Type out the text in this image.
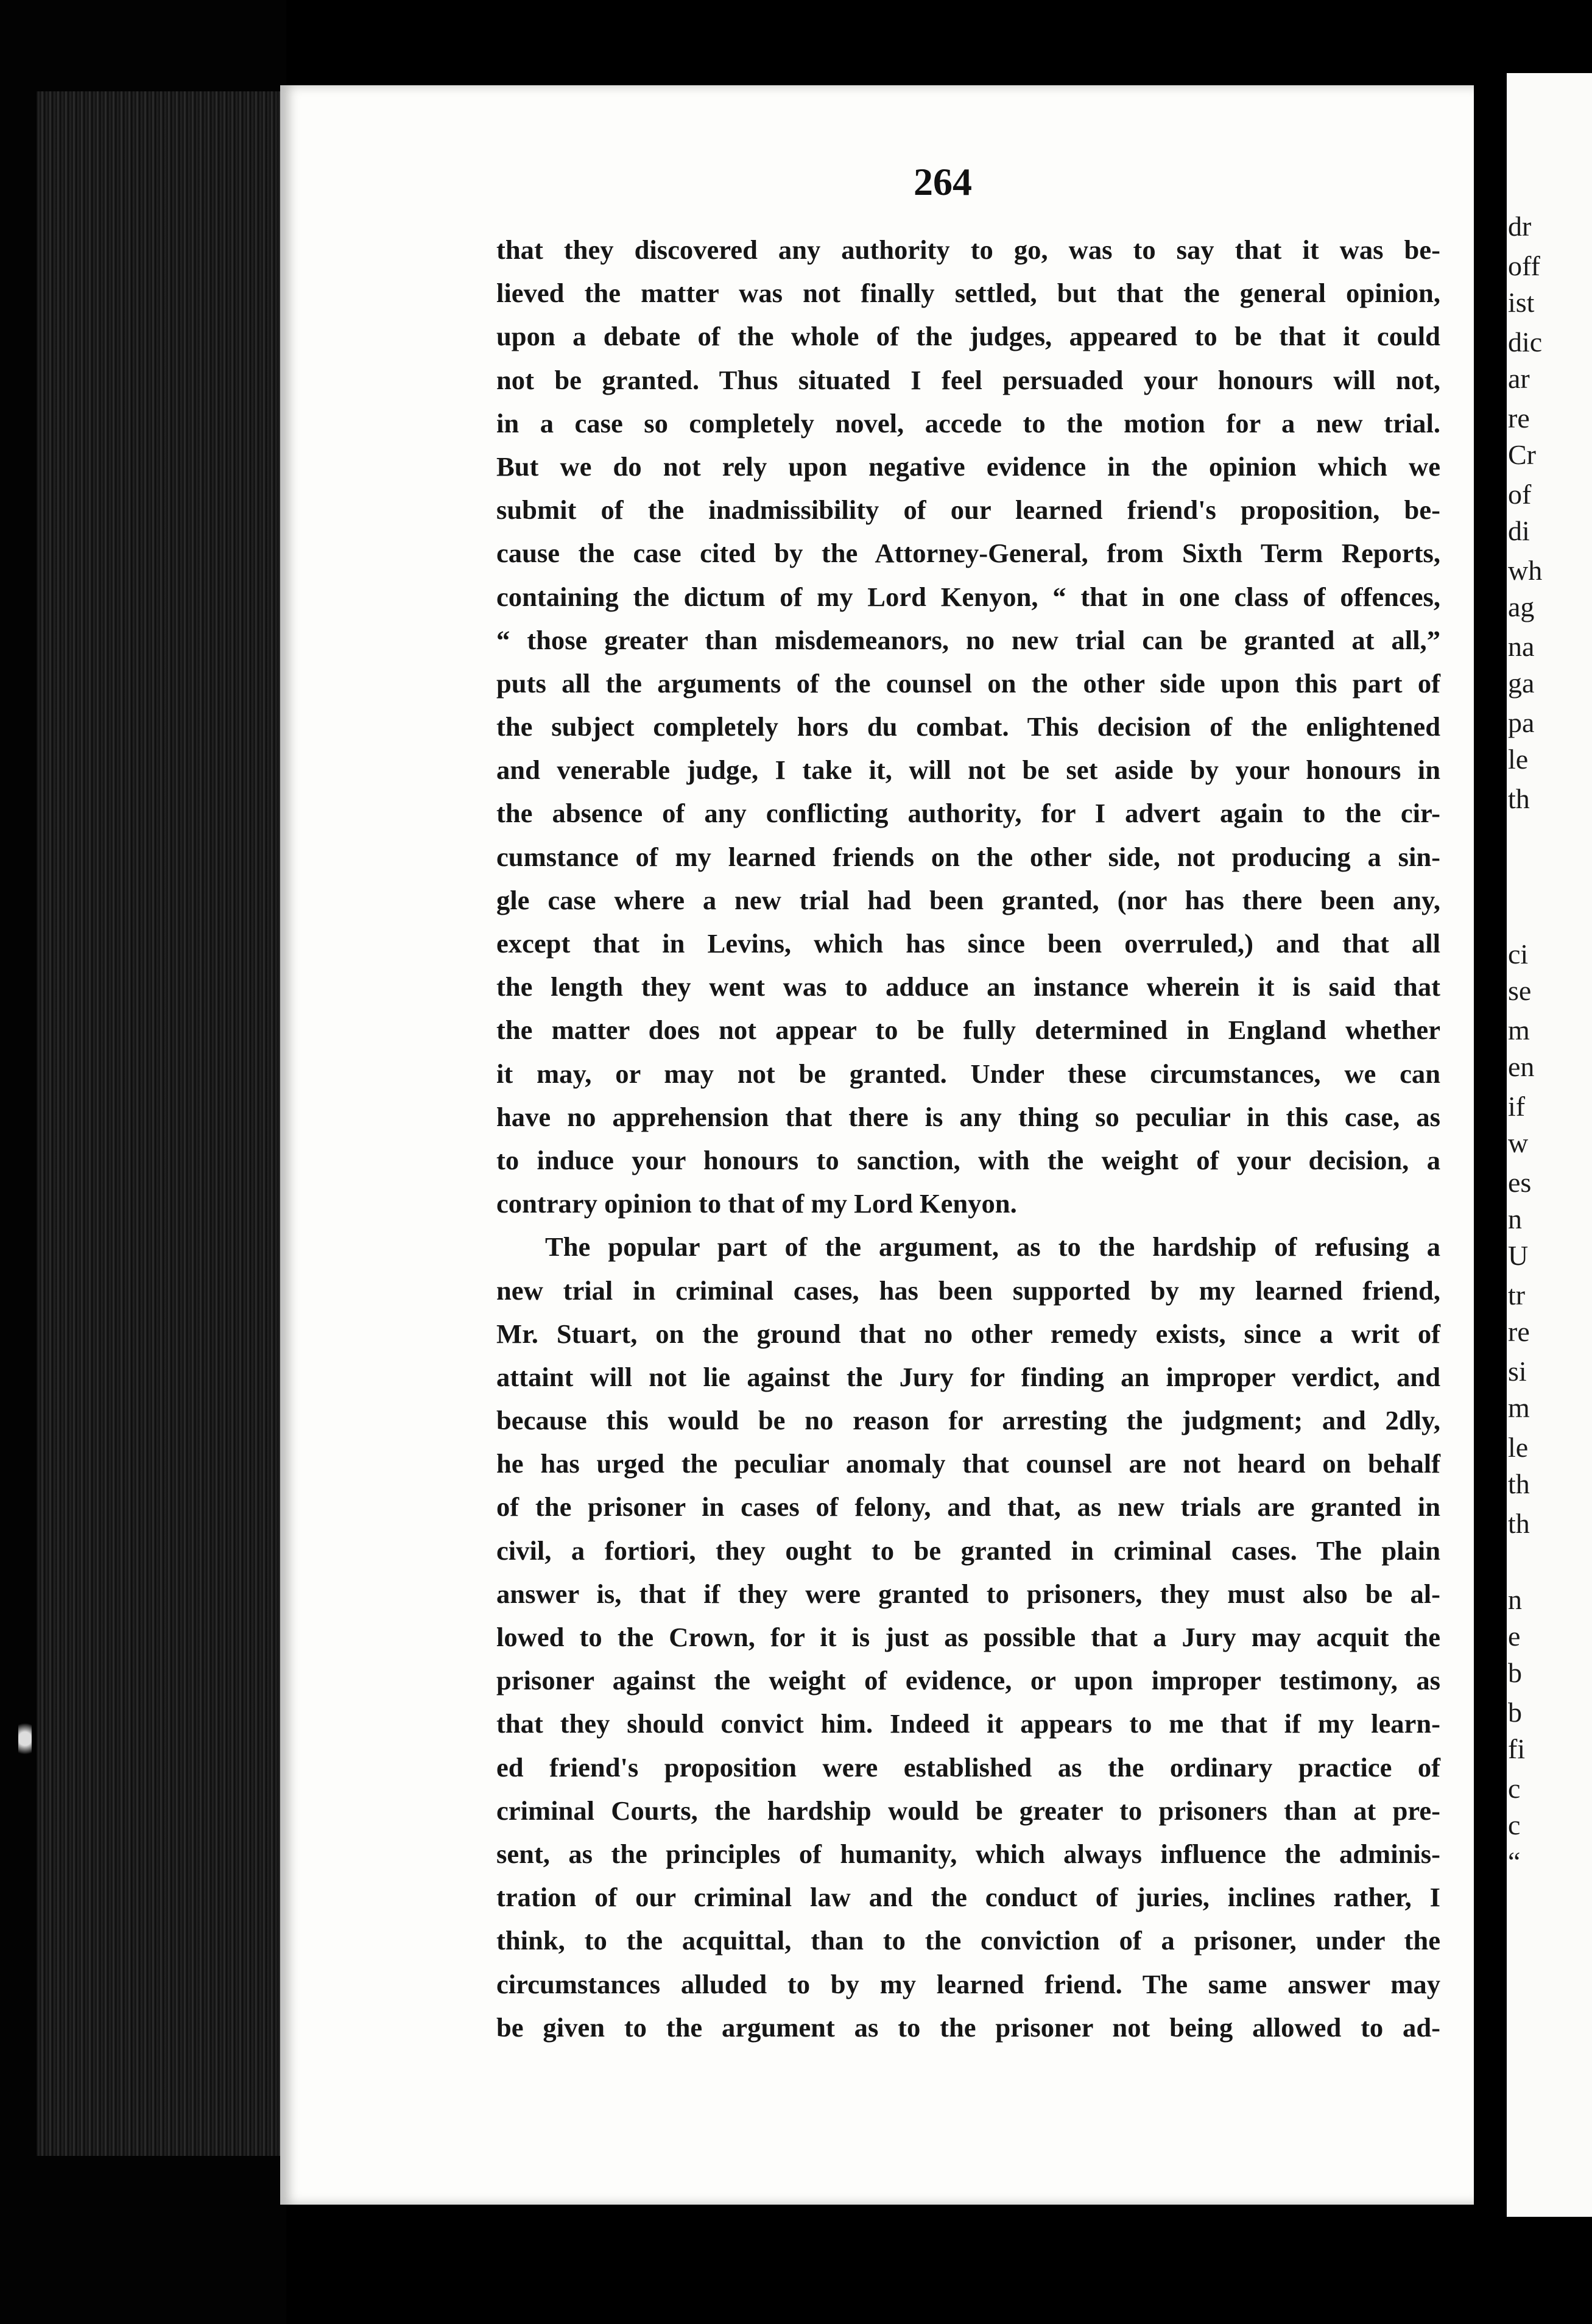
264
that they discovered any authority to go, was to say that it was be-
lieved the matter was not finally settled, but that the general opinion,
upon a debate of the whole of the judges, appeared to be that it could
not be granted. Thus situated I feel persuaded your honours will not,
in a case so completely novel, accede to the motion for a new trial.
But we do not rely upon negative evidence in the opinion which we
submit of the inadmissibility of our learned friend's proposition, be-
cause the case cited by the Attorney-General, from Sixth Term Reports,
containing the dictum of my Lord Kenyon, “ that in one class of offences,
“ those greater than misdemeanors, no new trial can be granted at all,”
puts all the arguments of the counsel on the other side upon this part of
the subject completely hors du combat. This decision of the enlightened
and venerable judge, I take it, will not be set aside by your honours in
the absence of any conflicting authority, for I advert again to the cir-
cumstance of my learned friends on the other side, not producing a sin-
gle case where a new trial had been granted, (nor has there been any,
except that in Levins, which has since been overruled,) and that all
the length they went was to adduce an instance wherein it is said that
the matter does not appear to be fully determined in England whether
it may, or may not be granted. Under these circumstances, we can
have no apprehension that there is any thing so peculiar in this case, as
to induce your honours to sanction, with the weight of your decision, a
contrary opinion to that of my Lord Kenyon.
The popular part of the argument, as to the hardship of refusing a
new trial in criminal cases, has been supported by my learned friend,
Mr. Stuart, on the ground that no other remedy exists, since a writ of
attaint will not lie against the Jury for finding an improper verdict, and
because this would be no reason for arresting the judgment; and 2dly,
he has urged the peculiar anomaly that counsel are not heard on behalf
of the prisoner in cases of felony, and that, as new trials are granted in
civil, a fortiori, they ought to be granted in criminal cases. The plain
answer is, that if they were granted to prisoners, they must also be al-
lowed to the Crown, for it is just as possible that a Jury may acquit the
prisoner against the weight of evidence, or upon improper testimony, as
that they should convict him. Indeed it appears to me that if my learn-
ed friend's proposition were established as the ordinary practice of
criminal Courts, the hardship would be greater to prisoners than at pre-
sent, as the principles of humanity, which always influence the adminis-
tration of our criminal law and the conduct of juries, inclines rather, I
think, to the acquittal, than to the conviction of a prisoner, under the
circumstances alluded to by my learned friend. The same answer may
be given to the argument as to the prisoner not being allowed to ad-
dr
off
ist
dic
ar
re
Cr
of
di
wh
ag
na
ga
pa
le
th
ci
se
m
en
if
w
es
n
U
tr
re
si
m
le
th
th
n
e
b
b
fi
c
c
“
